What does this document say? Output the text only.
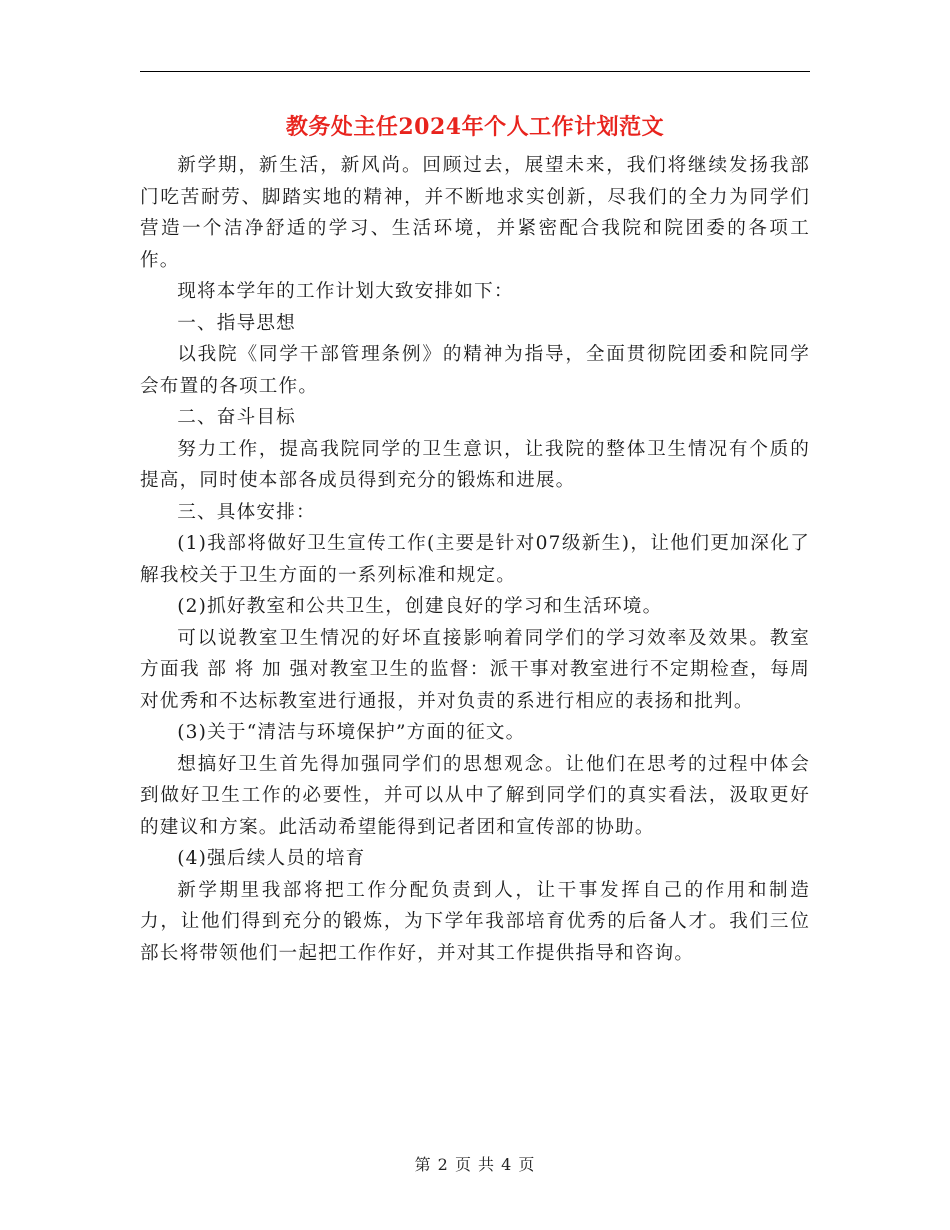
教务处主任2024年个人工作计划范文

新学期，新生活，新风尚。回顾过去，展望未来，我们将继续发扬我部门吃苦耐劳、脚踏实地的精神，并不断地求实创新，尽我们的全力为同学们营造一个洁净舒适的学习、生活环境，并紧密配合我院和院团委的各项工作。

现将本学年的工作计划大致安排如下：

一、指导思想

以我院《同学干部管理条例》的精神为指导，全面贯彻院团委和院同学会布置的各项工作。

二、奋斗目标

努力工作，提高我院同学的卫生意识，让我院的整体卫生情况有个质的提高，同时使本部各成员得到充分的锻炼和进展。

三、具体安排：

(1)我部将做好卫生宣传工作(主要是针对07级新生)，让他们更加深化了解我校关于卫生方面的一系列标准和规定。

(2)抓好教室和公共卫生，创建良好的学习和生活环境。

可以说教室卫生情况的好坏直接影响着同学们的学习效率及效果。教室方面我 部 将 加 强对教室卫生的监督：派干事对教室进行不定期检查，每周对优秀和不达标教室进行通报，并对负责的系进行相应的表扬和批判。

(3)关于“清洁与环境保护”方面的征文。

想搞好卫生首先得加强同学们的思想观念。让他们在思考的过程中体会到做好卫生工作的必要性，并可以从中了解到同学们的真实看法，汲取更好的建议和方案。此活动希望能得到记者团和宣传部的协助。

(4)强后续人员的培育

新学期里我部将把工作分配负责到人，让干事发挥自己的作用和制造力，让他们得到充分的锻炼，为下学年我部培育优秀的后备人才。我们三位部长将带领他们一起把工作作好，并对其工作提供指导和咨询。

第 2 页 共 4 页
